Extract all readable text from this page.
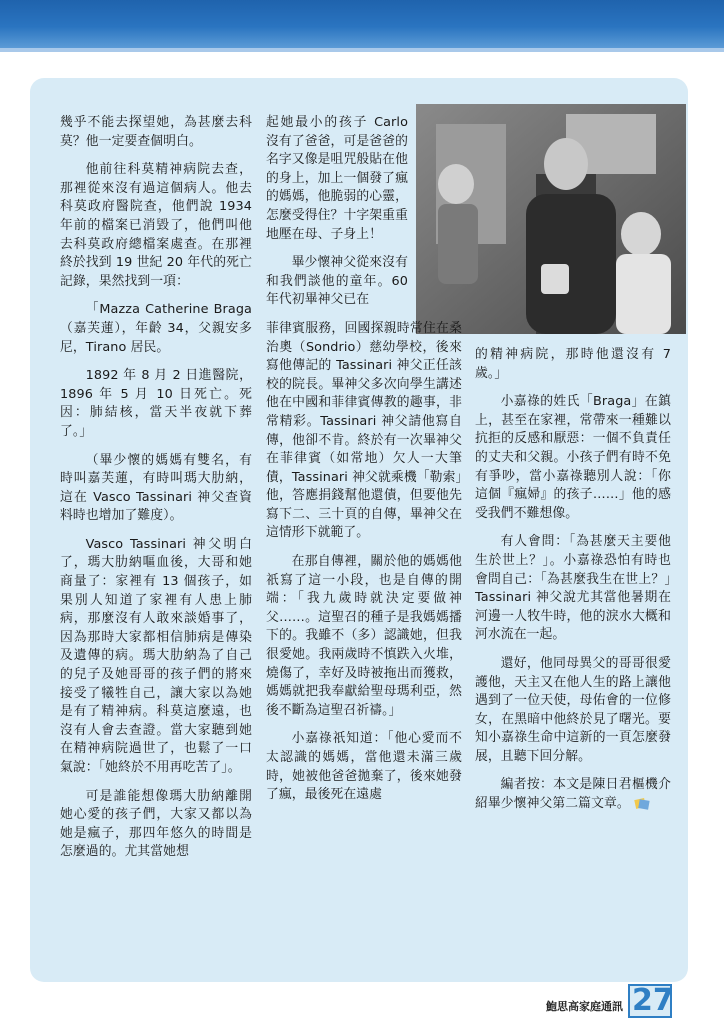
幾乎不能去探望她，為甚麼去科莫？他一定要查個明白。

他前往科莫精神病院去查，那裡從來沒有過這個病人。他去科莫政府醫院查，他們說 1934 年前的檔案已消毀了，他們叫他去科莫政府總檔案處查。在那裡終於找到 19 世紀 20 年代的死亡記錄，果然找到一項：

「Mazza Catherine Braga（嘉芙蓮），年齡 34，父親安多尼，Tirano 居民。

1892 年 8 月 2 日進醫院，1896 年 5 月 10 日死亡。死因：肺結核，當天半夜就下葬了。」

（畢少懷的媽媽有雙名，有時叫嘉芙蓮，有時叫瑪大肋納，這在 Vasco Tassinari 神父查資料時也增加了難度）。

Vasco Tassinari 神父明白了，瑪大肋納嘔血後，大哥和她商量了：家裡有 13 個孩子，如果別人知道了家裡有人患上肺病，那麼沒有人敢來談婚事了，因為那時大家都相信肺病是傳染及遺傳的病。瑪大肋納為了自己的兒子及她哥哥的孩子們的將來接受了犧牲自己，讓大家以為她是有了精神病。科莫這麼遠，也沒有人會去查證。當大家聽到她在精神病院過世了，也鬆了一口氣說：「她終於不用再吃苦了」。

可是誰能想像瑪大肋納離開她心愛的孩子們，大家又都以為她是瘋子，那四年悠久的時間是怎麼過的。尤其當她想

起她最小的孩子 Carlo 沒有了爸爸，可是爸爸的名字又像是咀咒般貼在他的身上，加上一個發了瘋的媽媽，他脆弱的心靈，怎麼受得住？十字架重重地壓在母、子身上！

畢少懷神父從來沒有和我們談他的童年。60 年代初畢神父已在

菲律賓服務，回國探親時常住在桑治奧（Sondrio）慈幼學校，後來寫他傳記的 Tassinari 神父正任該校的院長。畢神父多次向學生講述他在中國和菲律賓傳教的趣事，非常精彩。Tassinari 神父請他寫自傳，他卻不肯。終於有一次畢神父在菲律賓（如常地）欠人一大筆債，Tassinari 神父就乘機「勒索」他，答應捐錢幫他還債，但要他先寫下二、三十頁的自傳，畢神父在這情形下就範了。

在那自傳裡，關於他的媽媽他祇寫了這一小段，也是自傳的開端：「我九歲時就決定要做神父……。這聖召的種子是我媽媽播下的。我雖不（多）認識她，但我很愛她。我兩歲時不慎跌入火堆，燒傷了，幸好及時被拖出而獲救，媽媽就把我奉獻給聖母瑪利亞，然後不斷為這聖召祈禱。」

小嘉祿祇知道：「他心愛而不太認識的媽媽，當他還未滿三歲時，她被他爸爸拋棄了，後來她發了瘋，最後死在遠處

的精神病院，那時他還沒有 7 歲。」

小嘉祿的姓氏「Braga」在鎮上，甚至在家裡，常帶來一種難以抗拒的反感和厭惡：一個不負責任的丈夫和父親。小孩子們有時不免有爭吵，當小嘉祿聽別人說：「你這個『瘋婦』的孩子……」他的感受我們不難想像。

有人會問：「為甚麼天主要他生於世上？」。小嘉祿恐怕有時也會問自己：「為甚麼我生在世上？」Tassinari 神父說尤其當他暑期在河邊一人牧牛時，他的淚水大概和河水流在一起。

還好，他同母異父的哥哥很愛護他，天主又在他人生的路上讓他遇到了一位天使，母佑會的一位修女，在黑暗中他終於見了曙光。要知小嘉祿生命中這新的一頁怎麼發展，且聽下回分解。

編者按：本文是陳日君樞機介紹畢少懷神父第二篇文章。

鮑思高家庭通訊 27
